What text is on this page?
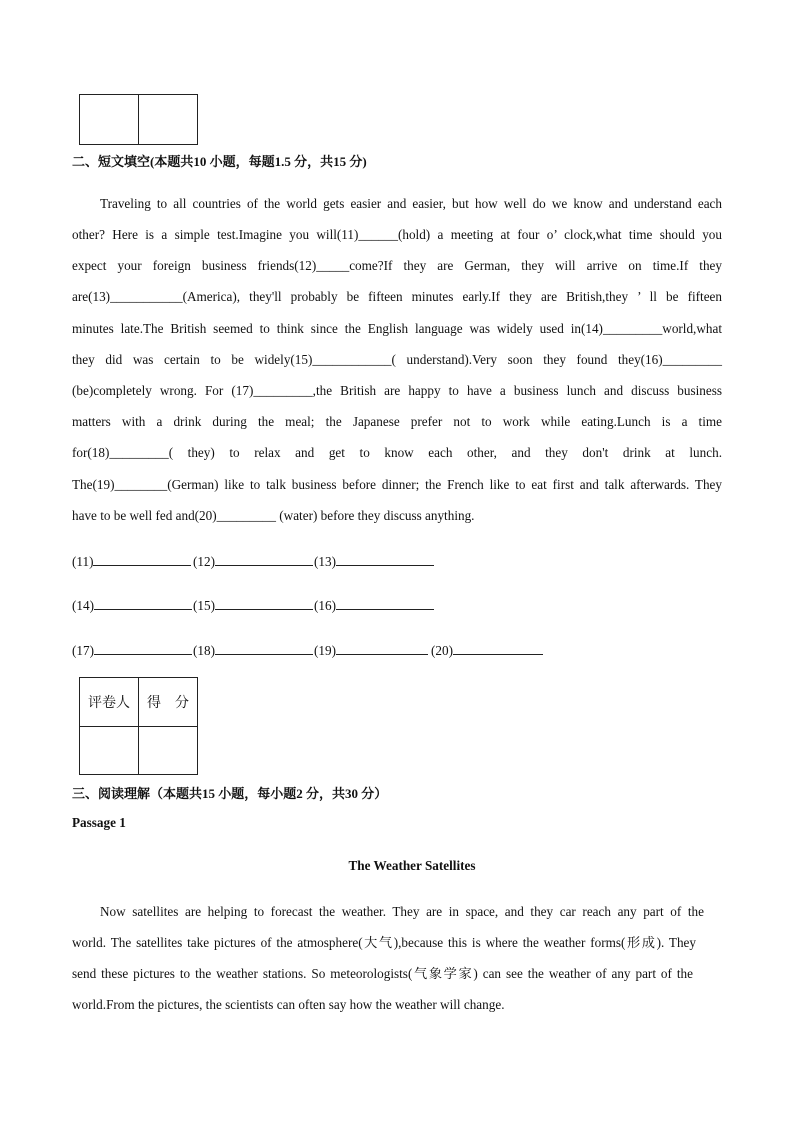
二、短文填空(本题共10 小题，每题1.5 分，共15 分)
Traveling to all countries of the world gets easier and easier, but how well do we know and understand each
other? Here is a simple test.Imagine you will(11)______(hold) a meeting at four o’ clock,what time should you
expect your foreign business friends(12)_____come?If they are German, they will arrive on time.If they
are(13)___________(America), they'll probably be fifteen minutes early.If they are British,they ’ ll be fifteen
minutes late.The British seemed to think since the English language was widely used in(14)_________world,what
they did was certain to be widely(15)____________( understand).Very soon they found they(16)_________
(be)completely wrong. For (17)_________,the British are happy to have a business lunch and discuss business
matters with a drink during the meal; the Japanese prefer not to work while eating.Lunch is a time
for(18)_________( they) to relax and get to know each other, and they don't drink at lunch.
The(19)________(German) like to talk business before dinner; the French like to eat first and talk afterwards. They
have to be well fed and(20)_________ (water) before they discuss anything.
(11)	(12)	(13)
(14)	(15)	(16)
(17)	(18)	(19)	(20)
评卷人	得　分

三、阅读理解（本题共15 小题，每小题2 分，共30 分）
Passage 1
The Weather Satellites
Now satellites are helping to forecast the weather. They are in space, and they car reach any part of the
world. The satellites take pictures of the atmosphere(大气),because this is where the weather forms(形成). They
send these pictures to the weather stations. So meteorologists(气象学家) can see the weather of any part of the
world.From the pictures, the scientists can often say how the weather will change.
